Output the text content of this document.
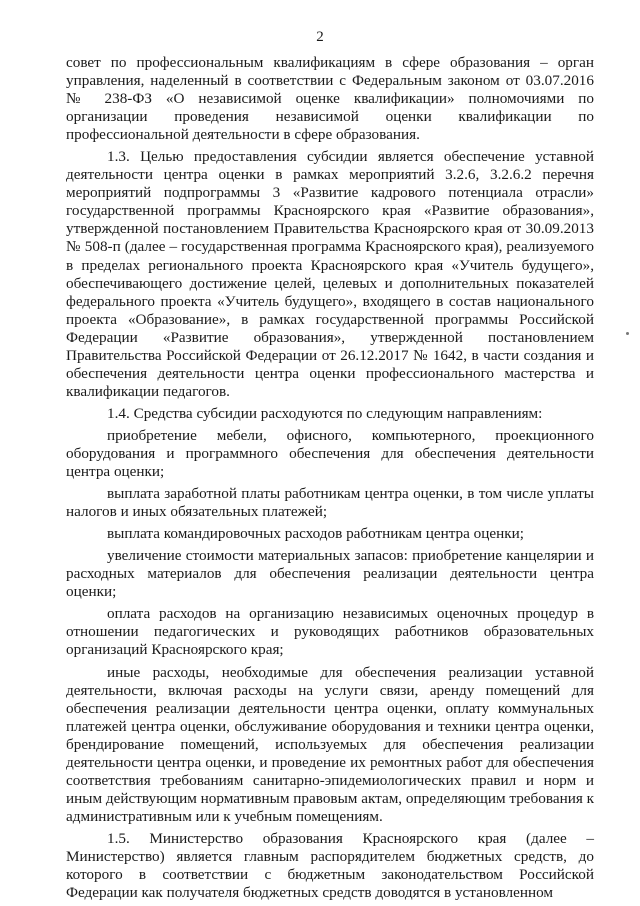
2

совет по профессиональным квалификациям в сфере образования – орган управления, наделенный в соответствии с Федеральным законом от 03.07.2016 № 238-ФЗ «О независимой оценке квалификации» полномочиями по организации проведения независимой оценки квалификации по профессиональной деятельности в сфере образования.

1.3. Целью предоставления субсидии является обеспечение уставной деятельности центра оценки в рамках мероприятий 3.2.6, 3.2.6.2 перечня мероприятий подпрограммы 3 «Развитие кадрового потенциала отрасли» государственной программы Красноярского края «Развитие образования», утвержденной постановлением Правительства Красноярского края от 30.09.2013 № 508-п (далее – государственная программа Красноярского края), реализуемого в пределах регионального проекта Красноярского края «Учитель будущего», обеспечивающего достижение целей, целевых и дополнительных показателей федерального проекта «Учитель будущего», входящего в состав национального проекта «Образование», в рамках государственной программы Российской Федерации «Развитие образования», утвержденной постановлением Правительства Российской Федерации от 26.12.2017 № 1642, в части создания и обеспечения деятельности центра оценки профессионального мастерства и квалификации педагогов.

1.4. Средства субсидии расходуются по следующим направлениям:

приобретение мебели, офисного, компьютерного, проекционного оборудования и программного обеспечения для обеспечения деятельности центра оценки;

выплата заработной платы работникам центра оценки, в том числе уплаты налогов и иных обязательных платежей;

выплата командировочных расходов работникам центра оценки;

увеличение стоимости материальных запасов: приобретение канцелярии и расходных материалов для обеспечения реализации деятельности центра оценки;

оплата расходов на организацию независимых оценочных процедур в отношении педагогических и руководящих работников образовательных организаций Красноярского края;

иные расходы, необходимые для обеспечения реализации уставной деятельности, включая расходы на услуги связи, аренду помещений для обеспечения реализации деятельности центра оценки, оплату коммунальных платежей центра оценки, обслуживание оборудования и техники центра оценки, брендирование помещений, используемых для обеспечения реализации деятельности центра оценки, и проведение их ремонтных работ для обеспечения соответствия требованиям санитарно-эпидемиологических правил и норм и иным действующим нормативным правовым актам, определяющим требования к административным или к учебным помещениям.

1.5. Министерство образования Красноярского края (далее – Министерство) является главным распорядителем бюджетных средств, до которого в соответствии с бюджетным законодательством Российской Федерации как получателя бюджетных средств доводятся в установленном
